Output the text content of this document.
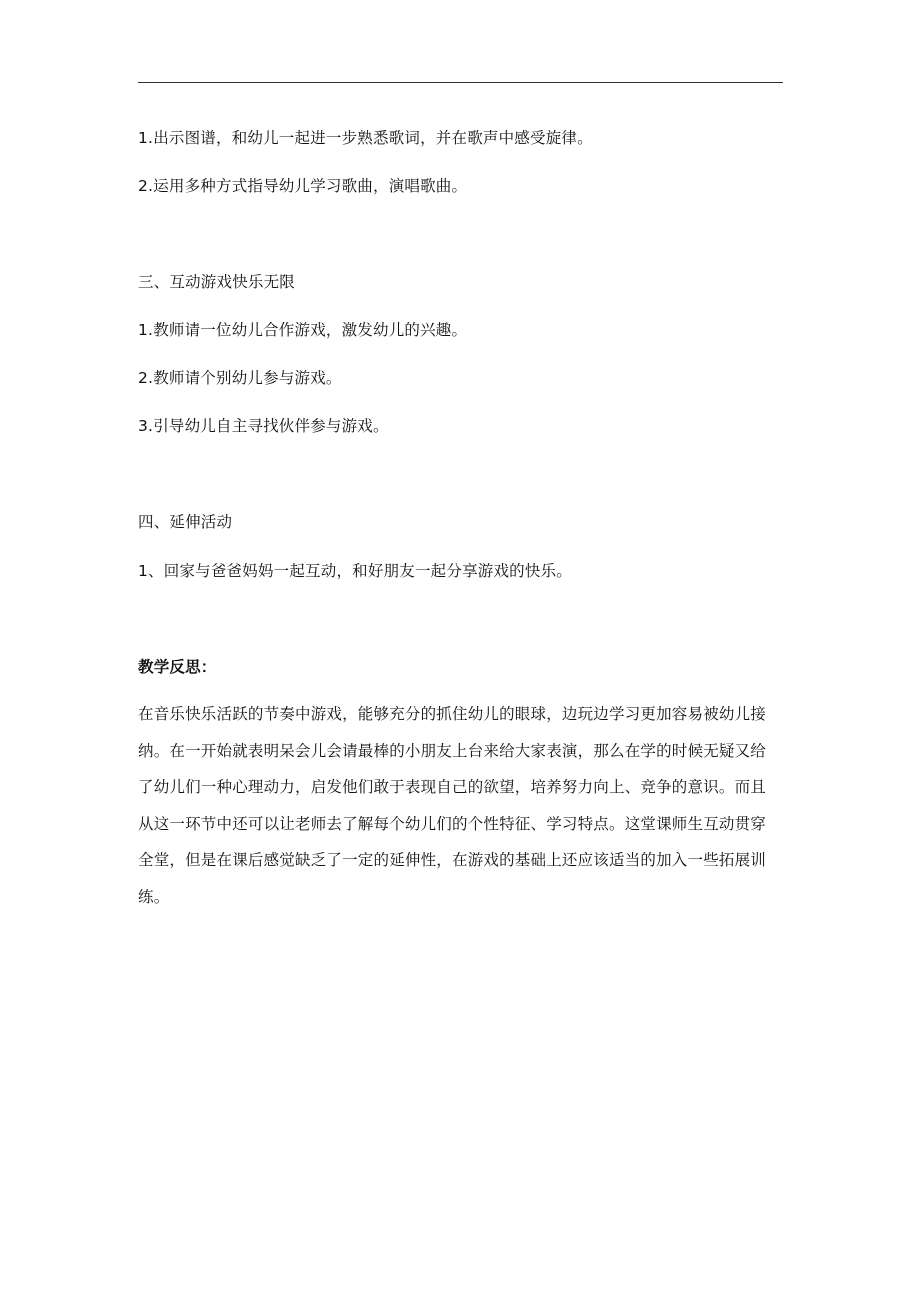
1.出示图谱，和幼儿一起进一步熟悉歌词，并在歌声中感受旋律。
2.运用多种方式指导幼儿学习歌曲，演唱歌曲。
三、互动游戏快乐无限
1.教师请一位幼儿合作游戏，激发幼儿的兴趣。
2.教师请个别幼儿参与游戏。
3.引导幼儿自主寻找伙伴参与游戏。
四、延伸活动
1、回家与爸爸妈妈一起互动，和好朋友一起分享游戏的快乐。
教学反思：
在音乐快乐活跃的节奏中游戏，能够充分的抓住幼儿的眼球，边玩边学习更加容易被幼儿接
纳。在一开始就表明呆会儿会请最棒的小朋友上台来给大家表演，那么在学的时候无疑又给
了幼儿们一种心理动力，启发他们敢于表现自己的欲望，培养努力向上、竞争的意识。而且
从这一环节中还可以让老师去了解每个幼儿们的个性特征、学习特点。这堂课师生互动贯穿
全堂，但是在课后感觉缺乏了一定的延伸性，在游戏的基础上还应该适当的加入一些拓展训
练。
